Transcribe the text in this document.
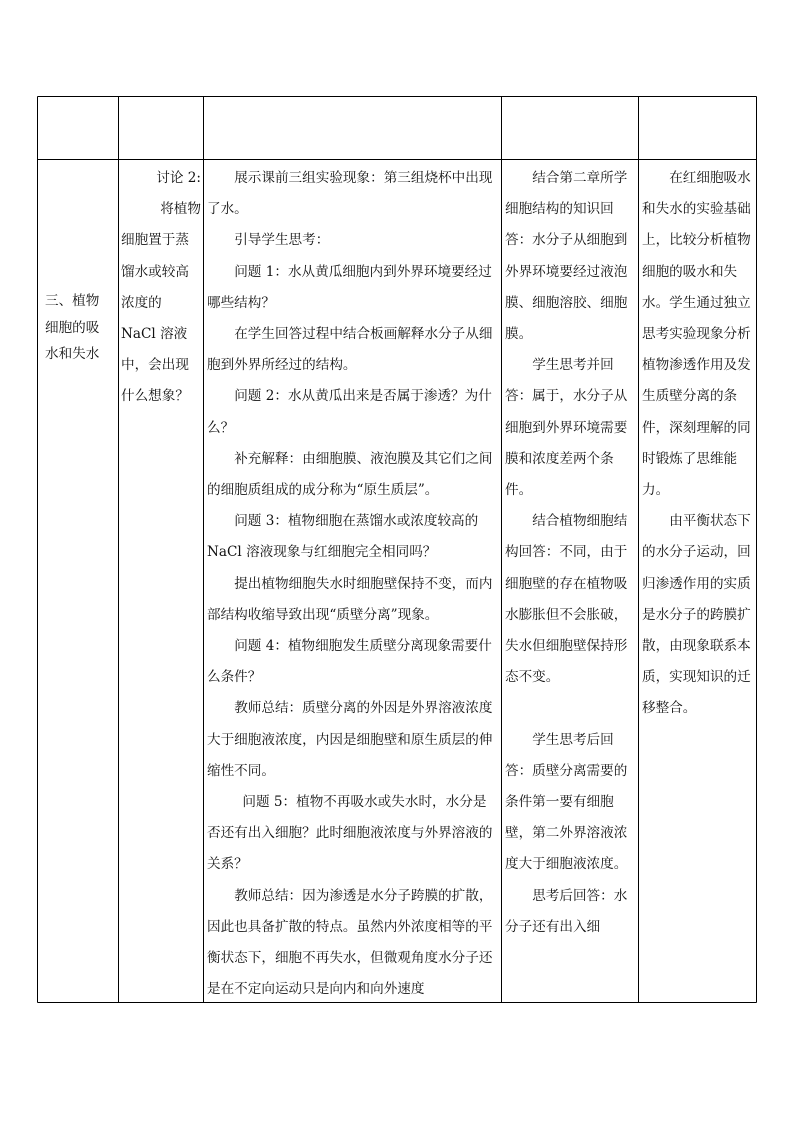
三、植物

细胞的吸

水和失水

讨论 2:

将植物

细胞置于蒸

馏水或较高

浓度的

NaCl 溶液

中，会出现

什么想象？

展示课前三组实验现象：第三组烧杯中出现了水。

引导学生思考：

问题 1：水从黄瓜细胞内到外界环境要经过哪些结构？

在学生回答过程中结合板画解释水分子从细胞到外界所经过的结构。

问题 2：水从黄瓜出来是否属于渗透？为什么？

补充解释：由细胞膜、液泡膜及其它们之间的细胞质组成的成分称为“原生质层”。

问题 3：植物细胞在蒸馏水或浓度较高的 NaCl 溶液现象与红细胞完全相同吗？

提出植物细胞失水时细胞壁保持不变，而内部结构收缩导致出现“质壁分离”现象。

问题 4：植物细胞发生质壁分离现象需要什么条件？

教师总结：质壁分离的外因是外界溶液浓度大于细胞液浓度，内因是细胞壁和原生质层的伸缩性不同。

问题 5：植物不再吸水或失水时，水分是否还有出入细胞？此时细胞液浓度与外界溶液的关系？

教师总结：因为渗透是水分子跨膜的扩散，因此也具备扩散的特点。虽然内外浓度相等的平衡状态下，细胞不再失水，但微观角度水分子还是在不定向运动只是向内和向外速度

结合第二章所学细胞结构的知识回答：水分子从细胞到外界环境要经过液泡膜、细胞溶胶、细胞膜。

学生思考并回答：属于，水分子从细胞到外界环境需要膜和浓度差两个条件。

结合植物细胞结构回答：不同，由于细胞壁的存在植物吸水膨胀但不会胀破，失水但细胞壁保持形态不变。

学生思考后回答：质壁分离需要的条件第一要有细胞壁，第二外界溶液浓度大于细胞液浓度。

思考后回答：水分子还有出入细

在红细胞吸水和失水的实验基础上，比较分析植物细胞的吸水和失水。学生通过独立思考实验现象分析植物渗透作用及发生质壁分离的条件，深刻理解的同时锻炼了思维能力。

由平衡状态下的水分子运动，回归渗透作用的实质是水分子的跨膜扩散，由现象联系本质，实现知识的迁移整合。
